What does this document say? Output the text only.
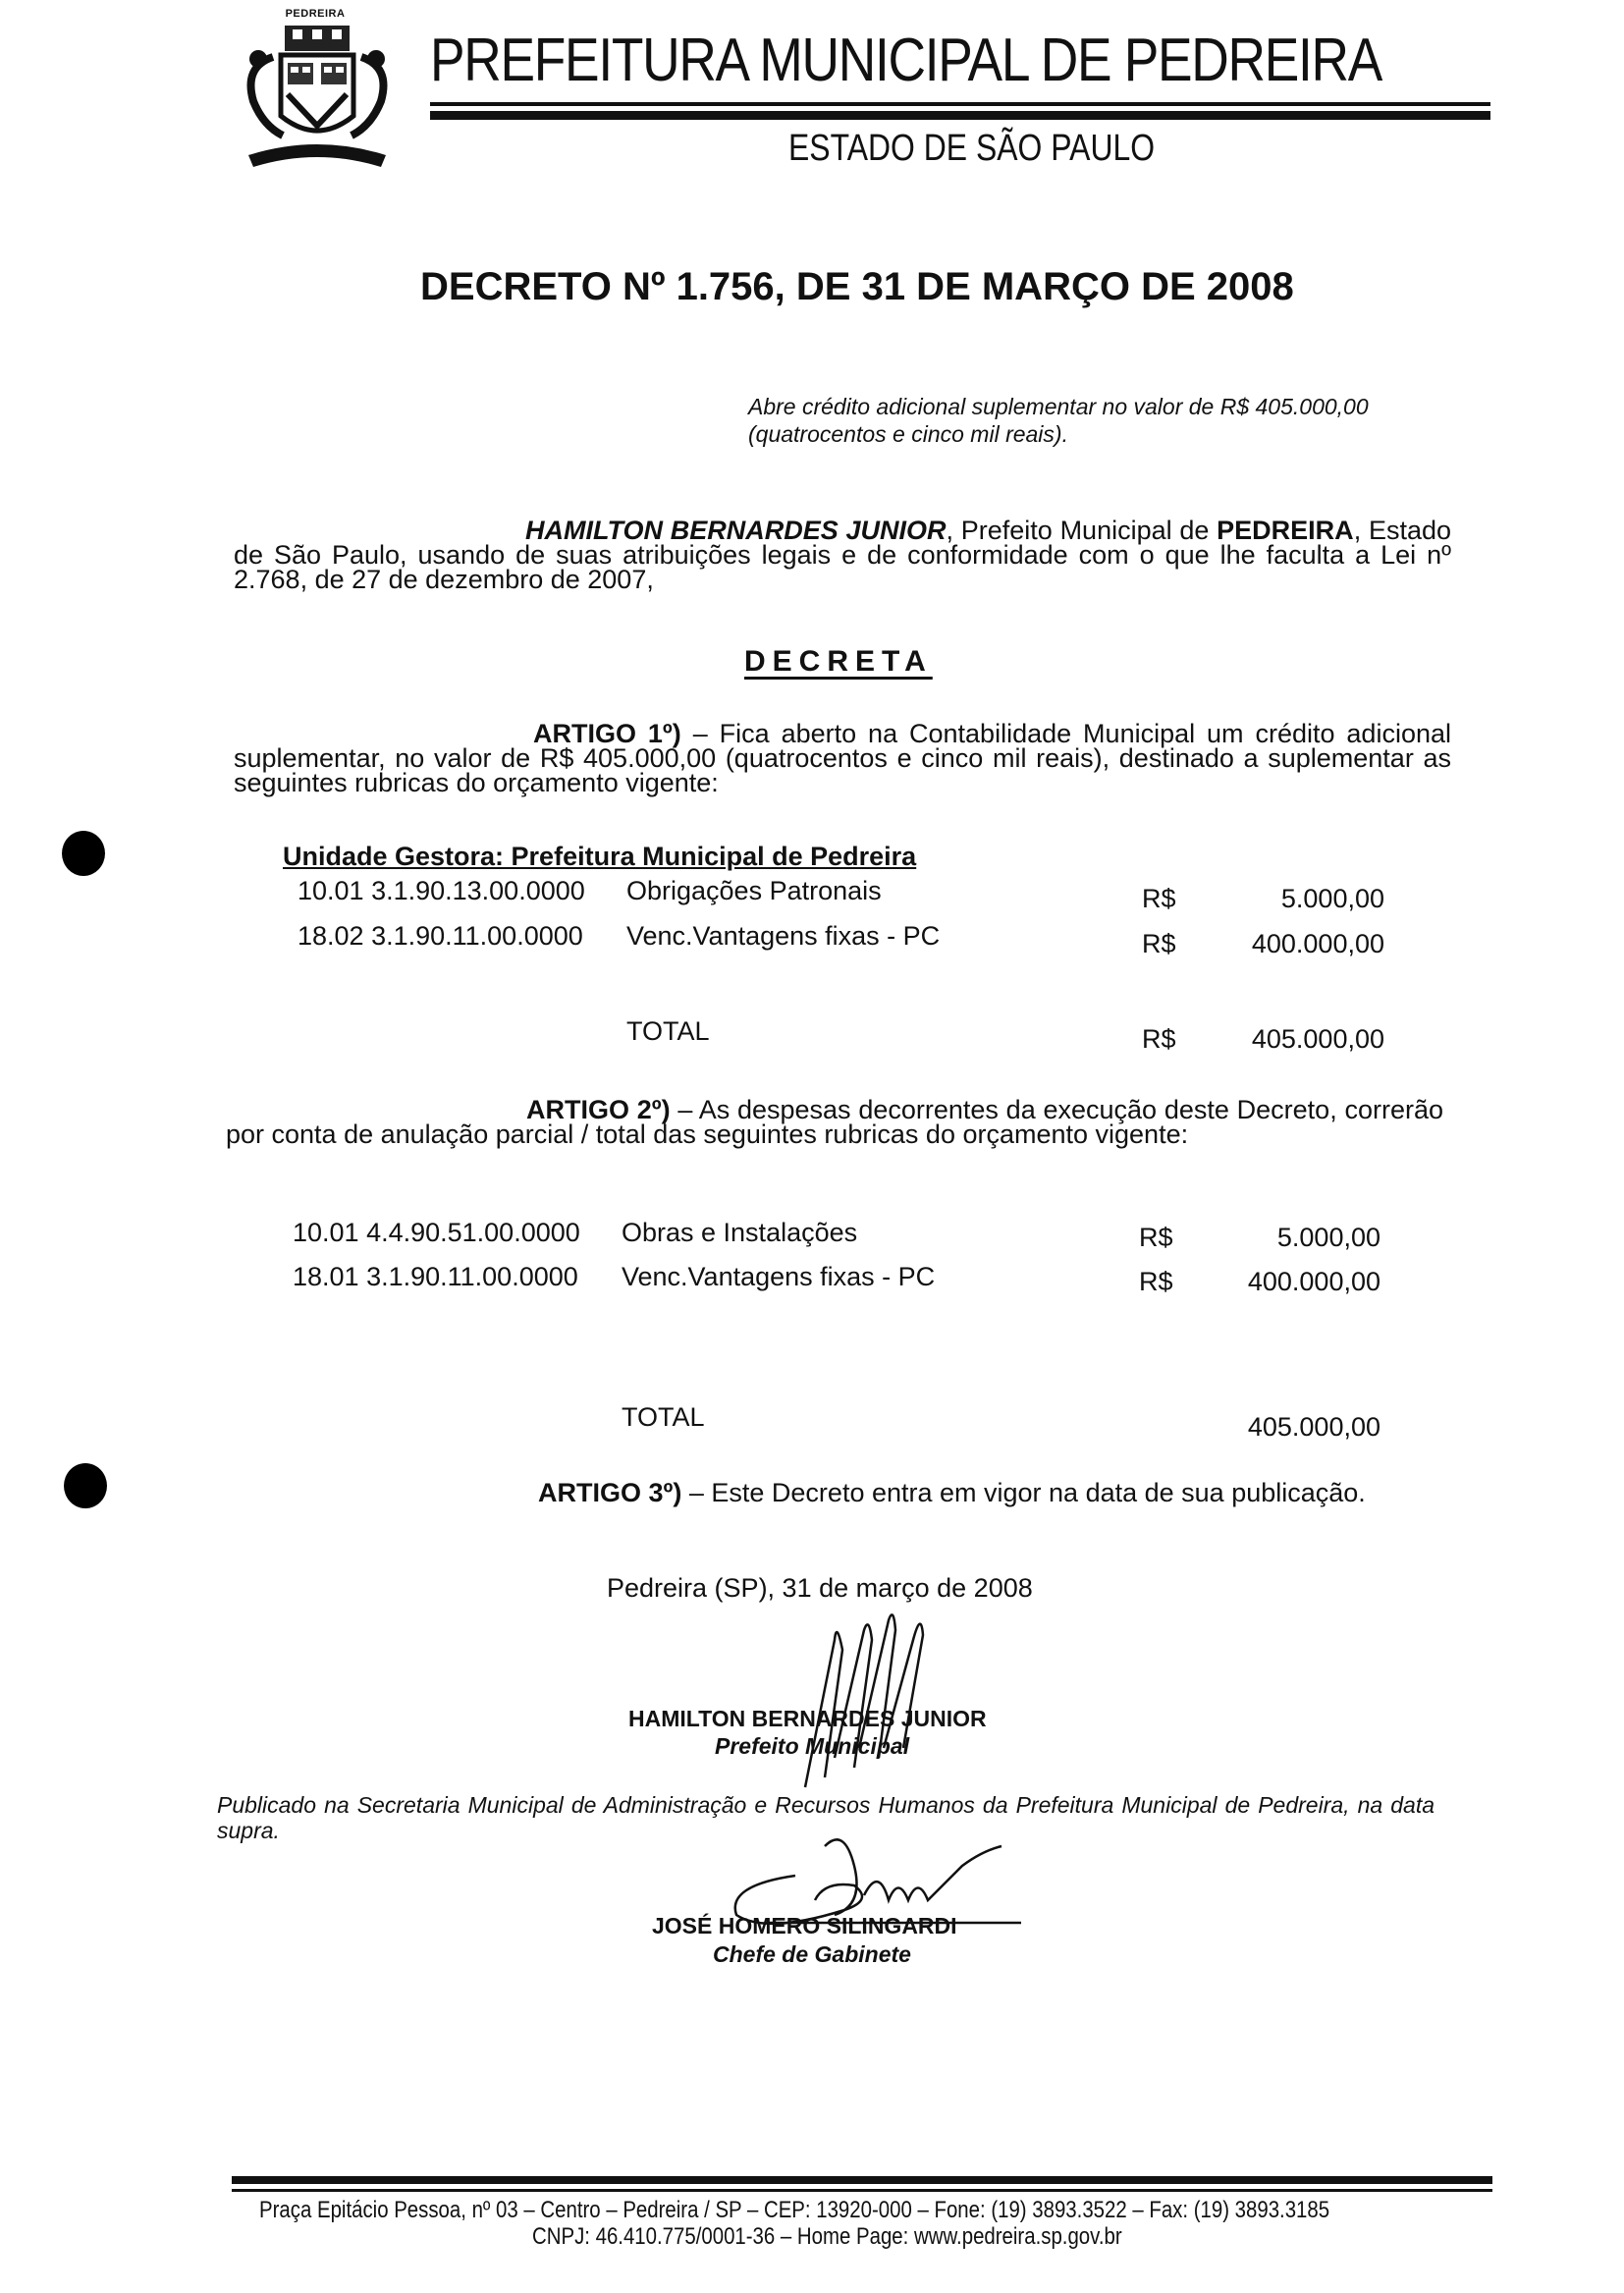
PEDREIRA
PREFEITURA MUNICIPAL DE PEDREIRA
ESTADO DE SÃO PAULO
DECRETO Nº 1.756, DE 31 DE MARÇO DE 2008
Abre crédito adicional suplementar no valor de R$ 405.000,00
(quatrocentos e cinco mil reais).
HAMILTON BERNARDES JUNIOR, Prefeito Municipal de PEDREIRA, Estado de São Paulo, usando de suas atribuições legais e de conformidade com o que lhe faculta a Lei nº 2.768, de 27 de dezembro de 2007,
DECRETA
ARTIGO 1º) – Fica aberto na Contabilidade Municipal um crédito adicional suplementar, no valor de R$ 405.000,00 (quatrocentos e cinco mil reais), destinado a suplementar as seguintes rubricas do orçamento vigente:
Unidade Gestora: Prefeitura Municipal de Pedreira
10.01 3.1.90.13.00.0000	Obrigações Patronais	R$	5.000,00
18.02 3.1.90.11.00.0000	Venc.Vantagens fixas - PC	R$	400.000,00
TOTAL	R$	405.000,00
ARTIGO 2º) – As despesas decorrentes da execução deste Decreto, correrão por conta de anulação parcial / total das seguintes rubricas do orçamento vigente:
10.01 4.4.90.51.00.0000	Obras e Instalações	R$	5.000,00
18.01 3.1.90.11.00.0000	Venc.Vantagens fixas - PC	R$	400.000,00
TOTAL	405.000,00
ARTIGO 3º) – Este Decreto entra em vigor na data de sua publicação.
Pedreira (SP), 31 de março de 2008
HAMILTON BERNARDES JUNIOR
Prefeito Municipal
Publicado na Secretaria Municipal de Administração e Recursos Humanos da Prefeitura Municipal de Pedreira, na data supra.
JOSÉ HOMERO SILINGARDI
Chefe de Gabinete
Praça Epitácio Pessoa, nº 03 – Centro – Pedreira / SP – CEP: 13920-000 – Fone: (19) 3893.3522 – Fax: (19) 3893.3185
CNPJ: 46.410.775/0001-36 – Home Page: www.pedreira.sp.gov.br
